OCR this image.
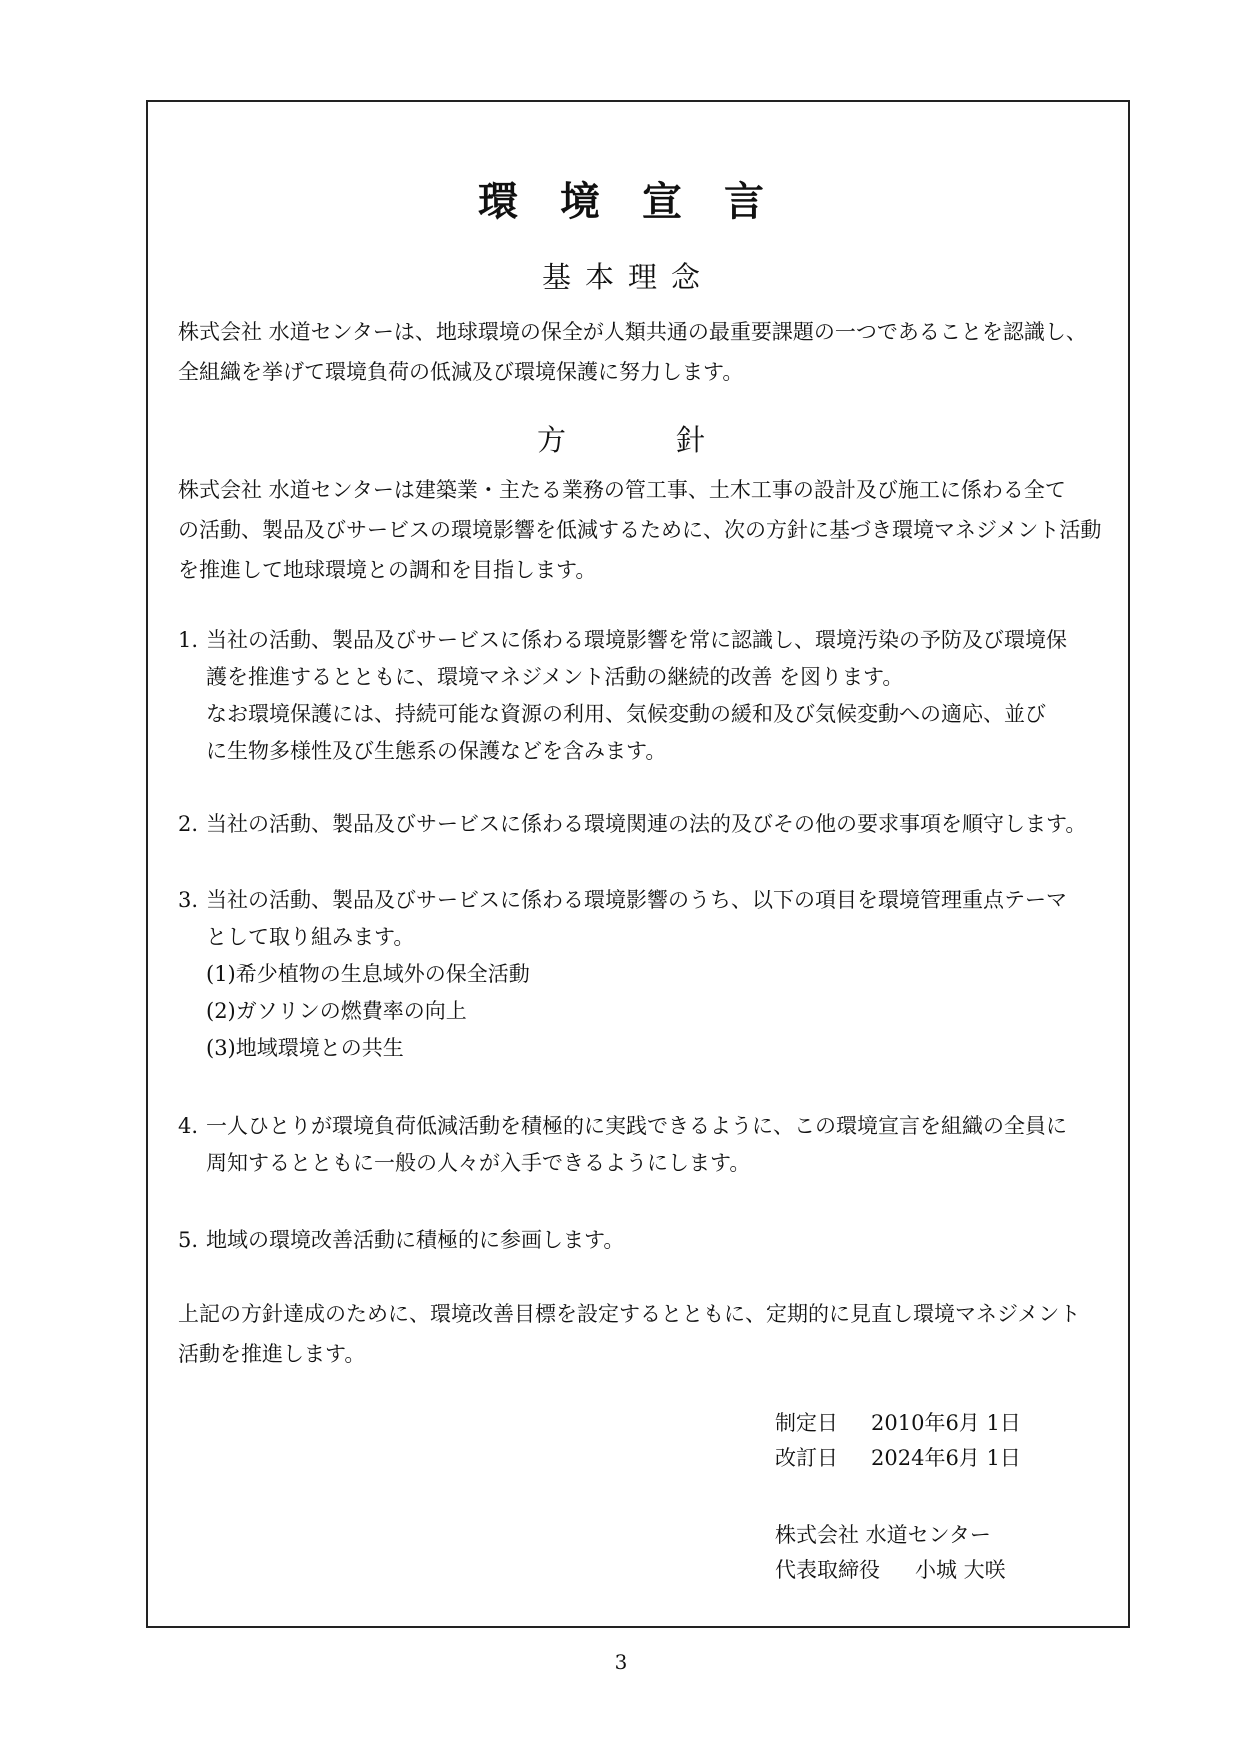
環境宣言
基本理念
株式会社 水道センターは、地球環境の保全が人類共通の最重要課題の一つであることを認識し、
全組織を挙げて環境負荷の低減及び環境保護に努力します。
方	針
株式会社 水道センターは建築業・主たる業務の管工事、土木工事の設計及び施工に係わる全て
の活動、製品及びサービスの環境影響を低減するために、次の方針に基づき環境マネジメント活動
を推進して地球環境との調和を目指します。
1. 当社の活動、製品及びサービスに係わる環境影響を常に認識し、環境汚染の予防及び環境保
護を推進するとともに、環境マネジメント活動の継続的改善 を図ります。
なお環境保護には、持続可能な資源の利用、気候変動の緩和及び気候変動への適応、並び
に生物多様性及び生態系の保護などを含みます。
2. 当社の活動、製品及びサービスに係わる環境関連の法的及びその他の要求事項を順守します。
3. 当社の活動、製品及びサービスに係わる環境影響のうち、以下の項目を環境管理重点テーマ
として取り組みます。
(1)希少植物の生息域外の保全活動
(2)ガソリンの燃費率の向上
(3)地域環境との共生
4. 一人ひとりが環境負荷低減活動を積極的に実践できるように、この環境宣言を組織の全員に
周知するとともに一般の人々が入手できるようにします。
5. 地域の環境改善活動に積極的に参画します。
上記の方針達成のために、環境改善目標を設定するとともに、定期的に見直し環境マネジメント
活動を推進します。
制定日 2010年6月 1日
改訂日 2024年6月 1日
株式会社 水道センター
代表取締役 小城 大咲
3
